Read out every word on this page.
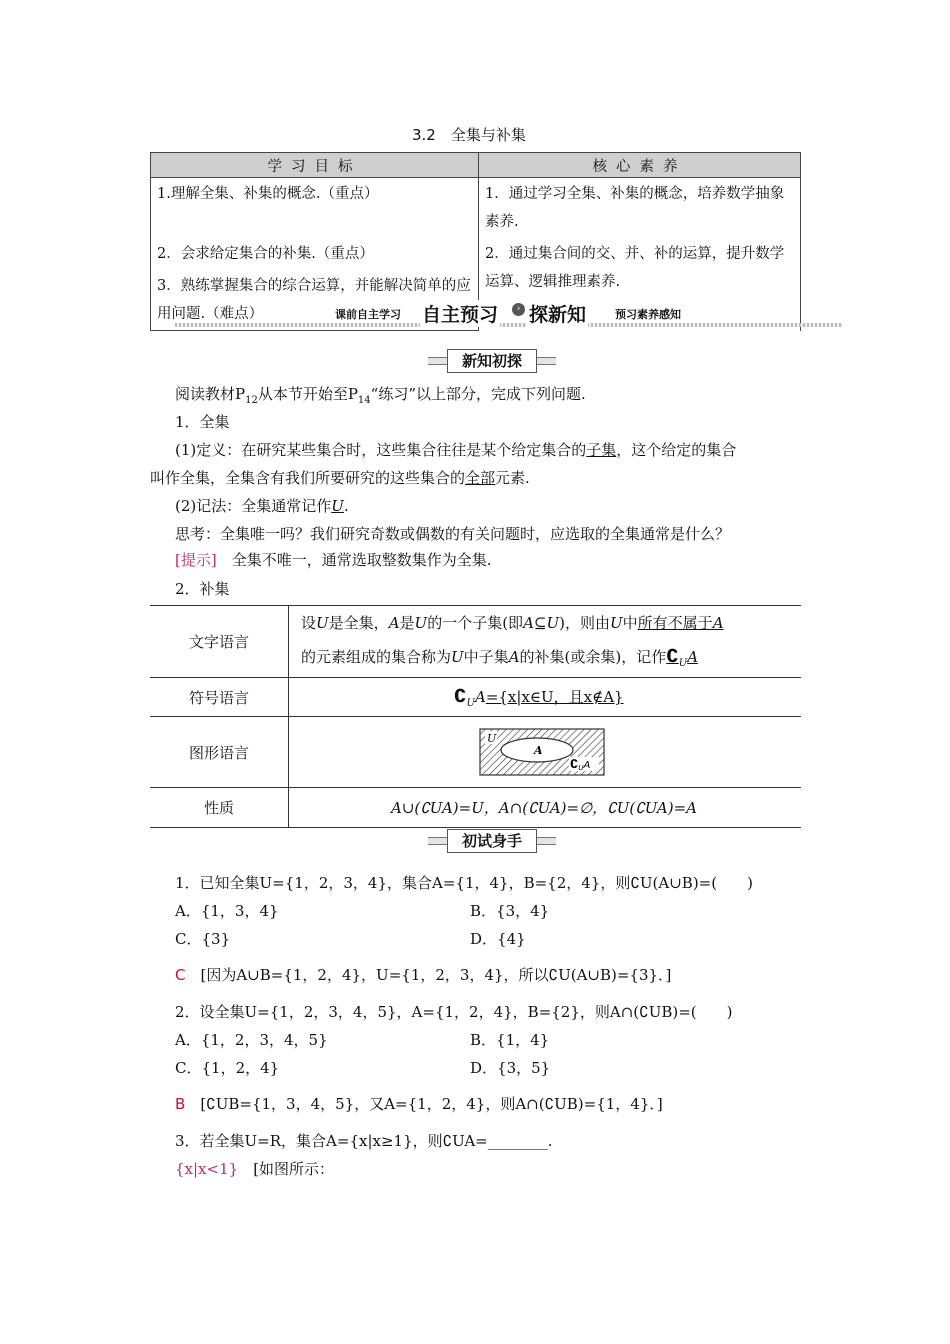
3.2　全集与补集
学习目标	核心素养
1.理解全集、补集的概念.（重点）	1．通过学习全集、补集的概念，培养数学抽象素养.
2．会求给定集合的补集.（重点）	2．通过集合间的交、并、补的运算，提升数学运算、逻辑推理素养.
3．熟练掌握集合的综合运算，并能解决简单的应用问题.（难点）		课前自主学习 自主预习	› 探新知	预习素养感知
新知初探
阅读教材$P_{12}$从本节开始至$P_{14}“$练习”以上部分，完成下列问题.
1．全集
(1)定义：在研究某些集合时，这些集合往往是某个给定集合的子集，这个给定的集合
叫作全集，全集含有我们所要研究的这些集合的全部元素.
(2)记法：全集通常记作U.
思考：全集唯一吗？我们研究奇数或偶数的有关问题时，应选取的全集通常是什么？
[提示]　全集不唯一，通常选取整数集作为全集.
2．补集
文字语言	设U是全集，A是U的一个子集(即A⊆U)，则由U中所有不属于A
的元素组成的集合称为U中子集A的补集(或余集)，记作$∁_UA$

符号语言	$∁_UA=\{x|x\in U$，且x∉A}

图形语言	U
A
$∁_UA$

性质	A∪(∁UA)=U，A∩(∁UA)=∅，∁U(∁UA)=A
初试身手
1．已知全集U={1，2，3，4}，集合A={1，4}，B={2，4}，则∁U(A∪B)=(　　)
A．{1，3，4}	B．{3，4}
C．{3}	D．{4}
C　 [因为A∪B={1，2，4}，U={1，2，3，4}，所以∁U(A∪B)={3}．]
2．设全集U={1，2，3，4，5}，A={1，2，4}，B={2}，则A∩(∁UB)=(　　)
A．{1，2，3，4，5}	B．{1，4}
C．{1，2，4}	D．{3，5}
B　 [∁UB={1，3，4，5}，又A={1，2，4}，则A∩(∁UB)={1，4}．]
3．若全集U=R，集合A={x|x≥1}，则∁UA=________.
{x|x<1}　 [如图所示：
